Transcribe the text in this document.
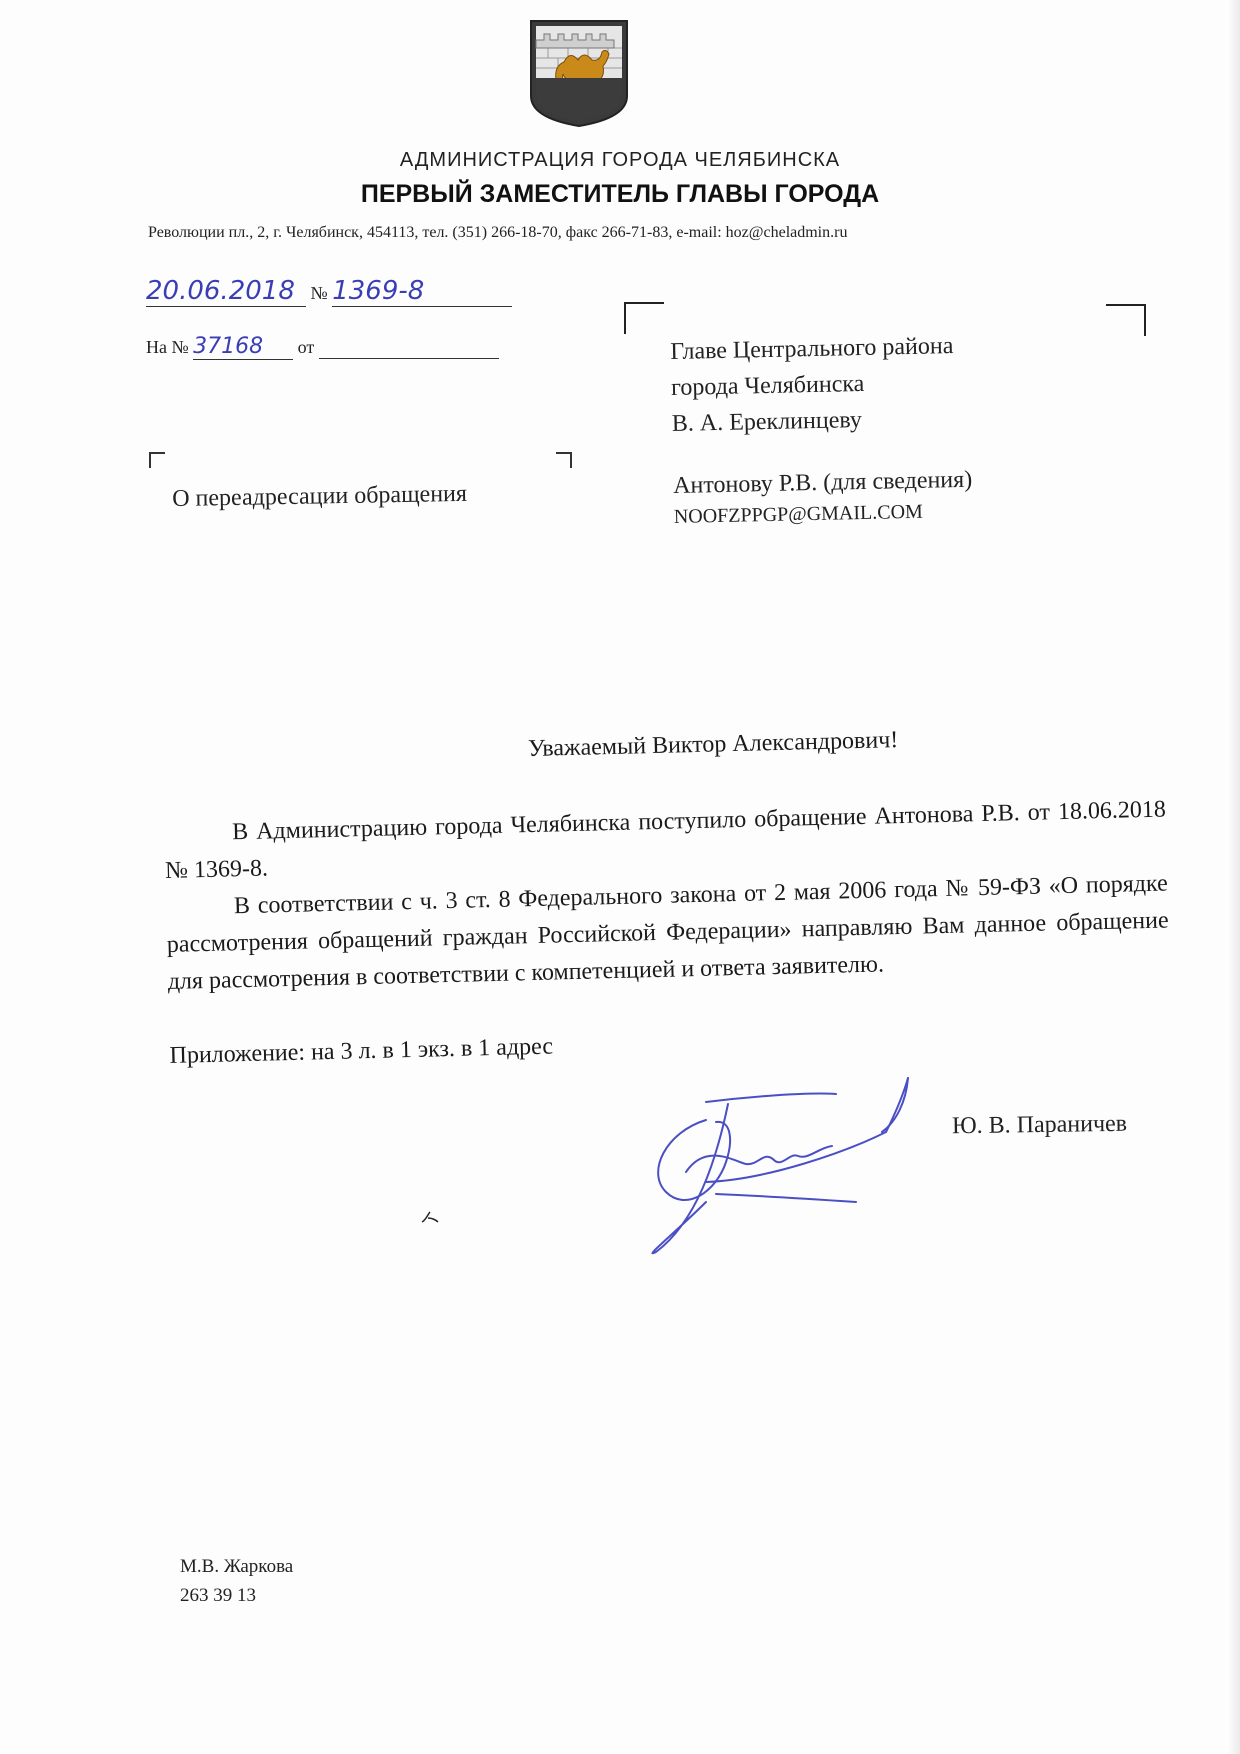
АДМИНИСТРАЦИЯ ГОРОДА ЧЕЛЯБИНСКА
ПЕРВЫЙ ЗАМЕСТИТЕЛЬ ГЛАВЫ ГОРОДА
Революции пл., 2, г. Челябинск, 454113, тел. (351) 266-18-70, факс 266-71-83, e-mail: hoz@cheladmin.ru
20.06.2018 № 1369-8
На № 37168 от
О переадресации обращения
Главе Центрального района
города Челябинска
В. А. Ереклинцеву
Антонову Р.В. (для сведения)
NOOFZPPGP@GMAIL.COM
Уважаемый Виктор Александрович!

В Администрацию города Челябинска поступило обращение Антонова Р.В. от 18.06.2018 № 1369-8.

В соответствии с ч. 3 ст. 8 Федерального закона от 2 мая 2006 года № 59-ФЗ «О порядке рассмотрения обращений граждан Российской Федерации» направляю Вам данное обращение для рассмотрения в соответствии с компетенцией и ответа заявителю.

Приложение: на 3 л. в 1 экз. в 1 адрес
Ю. В. Параничев
М.В. Жаркова
263 39 13
